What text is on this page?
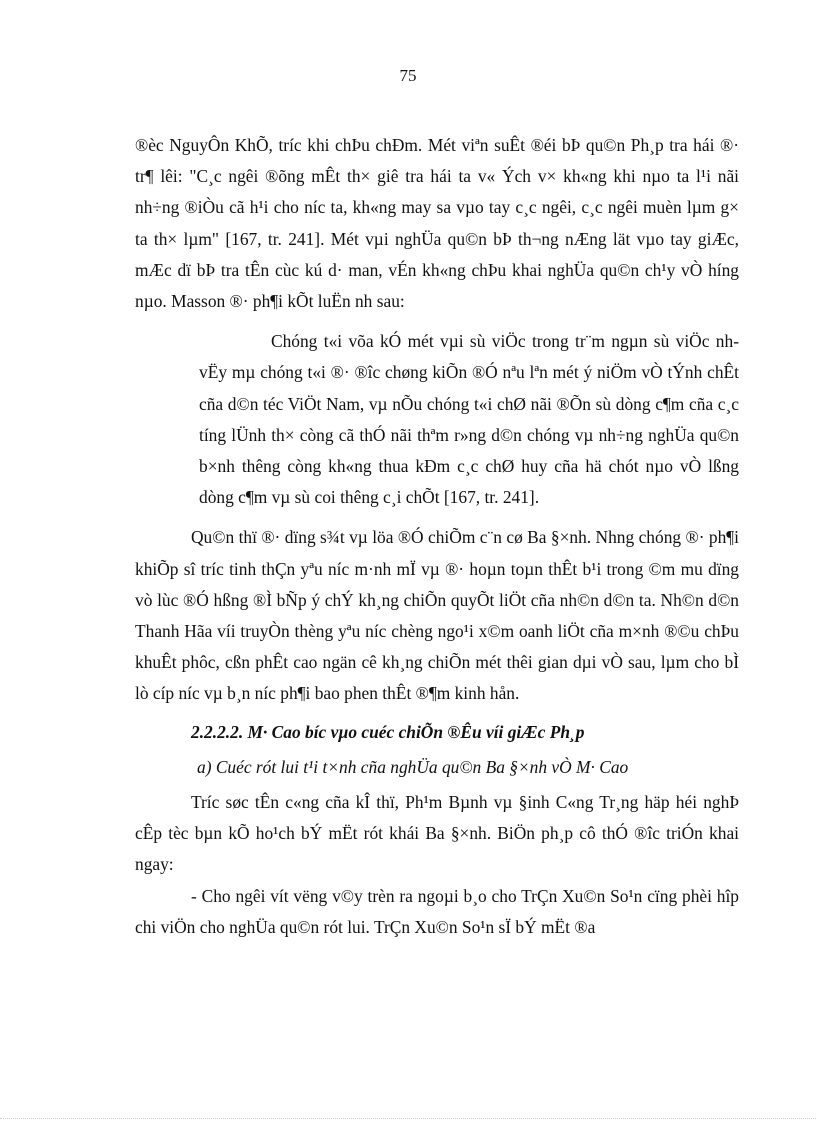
75

®èc NguyÔn KhÕ, tríc khi chÞu chÐm. Mét viªn suÊt ®éi bÞ qu©n Ph¸p tra hái ®· tr¶ lêi: "C¸c ngêi ®õng mÊt th× giê tra hái ta v« Ých v× kh«ng khi nµo ta l¹i nãi nh÷ng ®iÒu cã h¹i cho níc ta, kh«ng may sa vµo tay c¸c ngêi, c¸c ngêi muèn lµm g× ta th× lµm" [167, tr. 241]. Mét vµi nghÜa qu©n bÞ th¬ng nÆng lät vµo tay giÆc, mÆc dï bÞ tra tÊn cùc kú d· man, vÉn kh«ng chÞu khai nghÜa qu©n ch¹y vÒ híng nµo. Masson ®· ph¶i kÕt luËn nh sau:

Chóng t«i võa kÓ mét vµi sù viÖc trong tr¨m ngµn sù viÖc nh vËy mµ chóng t«i ®· ®îc chøng kiÕn ®Ó nªu lªn mét ý niÖm vÒ tÝnh chÊt cña d©n téc ViÖt Nam, vµ nÕu chóng t«i chØ nãi ®Õn sù dòng c¶m cña c¸c tíng lÜnh th× còng cã thÓ nãi thªm r»ng d©n chóng vµ nh÷ng nghÜa qu©n b×nh thêng còng kh«ng thua kÐm c¸c chØ huy cña hä chót nµo vÒ lßng dòng c¶m vµ sù coi thêng c¸i chÕt [167, tr. 241].

Qu©n thï ®· dïng s¾t vµ löa ®Ó chiÕm c¨n cø Ba §×nh. Nhng chóng ®· ph¶i khiÕp sî tríc tinh thÇn yªu níc m·nh mÏ vµ ®· hoµn toµn thÊt b¹i trong ©m mu dïng vò lùc ®Ó hßng ®Ì bÑp ý chÝ kh¸ng chiÕn quyÕt liÖt cña nh©n d©n ta. Nh©n d©n Thanh Hãa víi truyÒn thèng yªu níc chèng ngo¹i x©m oanh liÖt cña m×nh ®©u chÞu khuÊt phôc, cßn phÊt cao ngän cê kh¸ng chiÕn mét thêi gian dµi vÒ sau, lµm cho bÌ lò cíp níc vµ b¸n níc ph¶i bao phen thÊt ®¶m kinh hån.

2.2.2.2. M· Cao bíc vµo cuéc chiÕn ®Êu víi giÆc Ph¸p

a) Cuéc rót lui t¹i t×nh cña nghÜa qu©n Ba §×nh vÒ M· Cao

Tríc søc tÊn c«ng cña kÎ thï, Ph¹m Bµnh vµ §inh C«ng Tr¸ng häp héi nghÞ cÊp tèc bµn kÕ ho¹ch bÝ mËt rót khái Ba §×nh. BiÖn ph¸p cô thÓ ®îc triÓn khai ngay:

- Cho ngêi vít vëng v©y trèn ra ngoµi b¸o cho TrÇn Xu©n So¹n cïng phèi hîp chi viÖn cho nghÜa qu©n rót lui. TrÇn Xu©n So¹n sÏ bÝ mËt ®a
